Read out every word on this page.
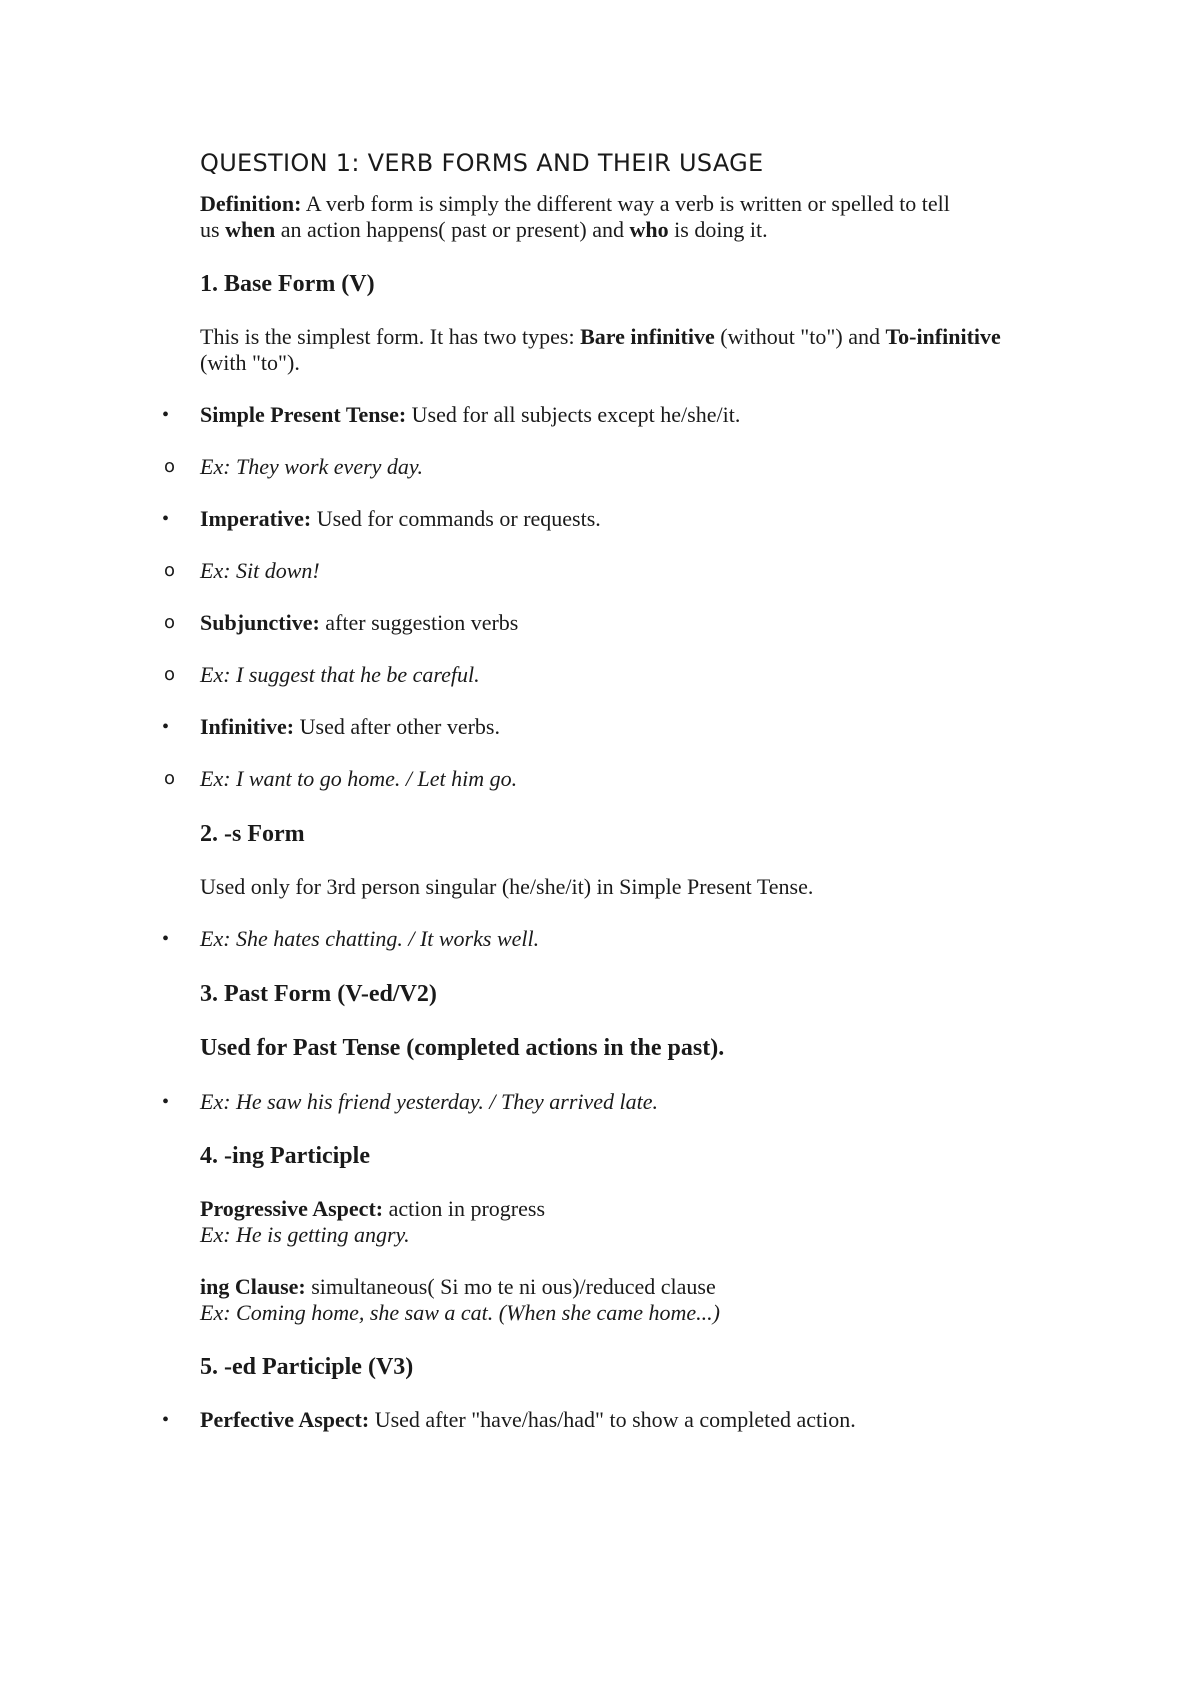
QUESTION 1: VERB FORMS AND THEIR USAGE
Definition: A verb form is simply the different way a verb is written or spelled to tell
us when an action happens( past or present) and who is doing it.
1. Base Form (V)
This is the simplest form. It has two types: Bare infinitive (without "to") and To-infinitive
(with "to").
• Simple Present Tense: Used for all subjects except he/she/it.
o Ex: They work every day.
• Imperative: Used for commands or requests.
o Ex: Sit down!
o Subjunctive: after suggestion verbs
o Ex: I suggest that he be careful.
• Infinitive: Used after other verbs.
o Ex: I want to go home. / Let him go.
2. -s Form
Used only for 3rd person singular (he/she/it) in Simple Present Tense.
• Ex: She hates chatting. / It works well.
3. Past Form (V-ed/V2)
Used for Past Tense (completed actions in the past).
• Ex: He saw his friend yesterday. / They arrived late.
4. -ing Participle
Progressive Aspect: action in progress
Ex: He is getting angry.
ing Clause: simultaneous( Si mo te ni ous)/reduced clause
Ex: Coming home, she saw a cat. (When she came home...)
5. -ed Participle (V3)
• Perfective Aspect: Used after "have/has/had" to show a completed action.
